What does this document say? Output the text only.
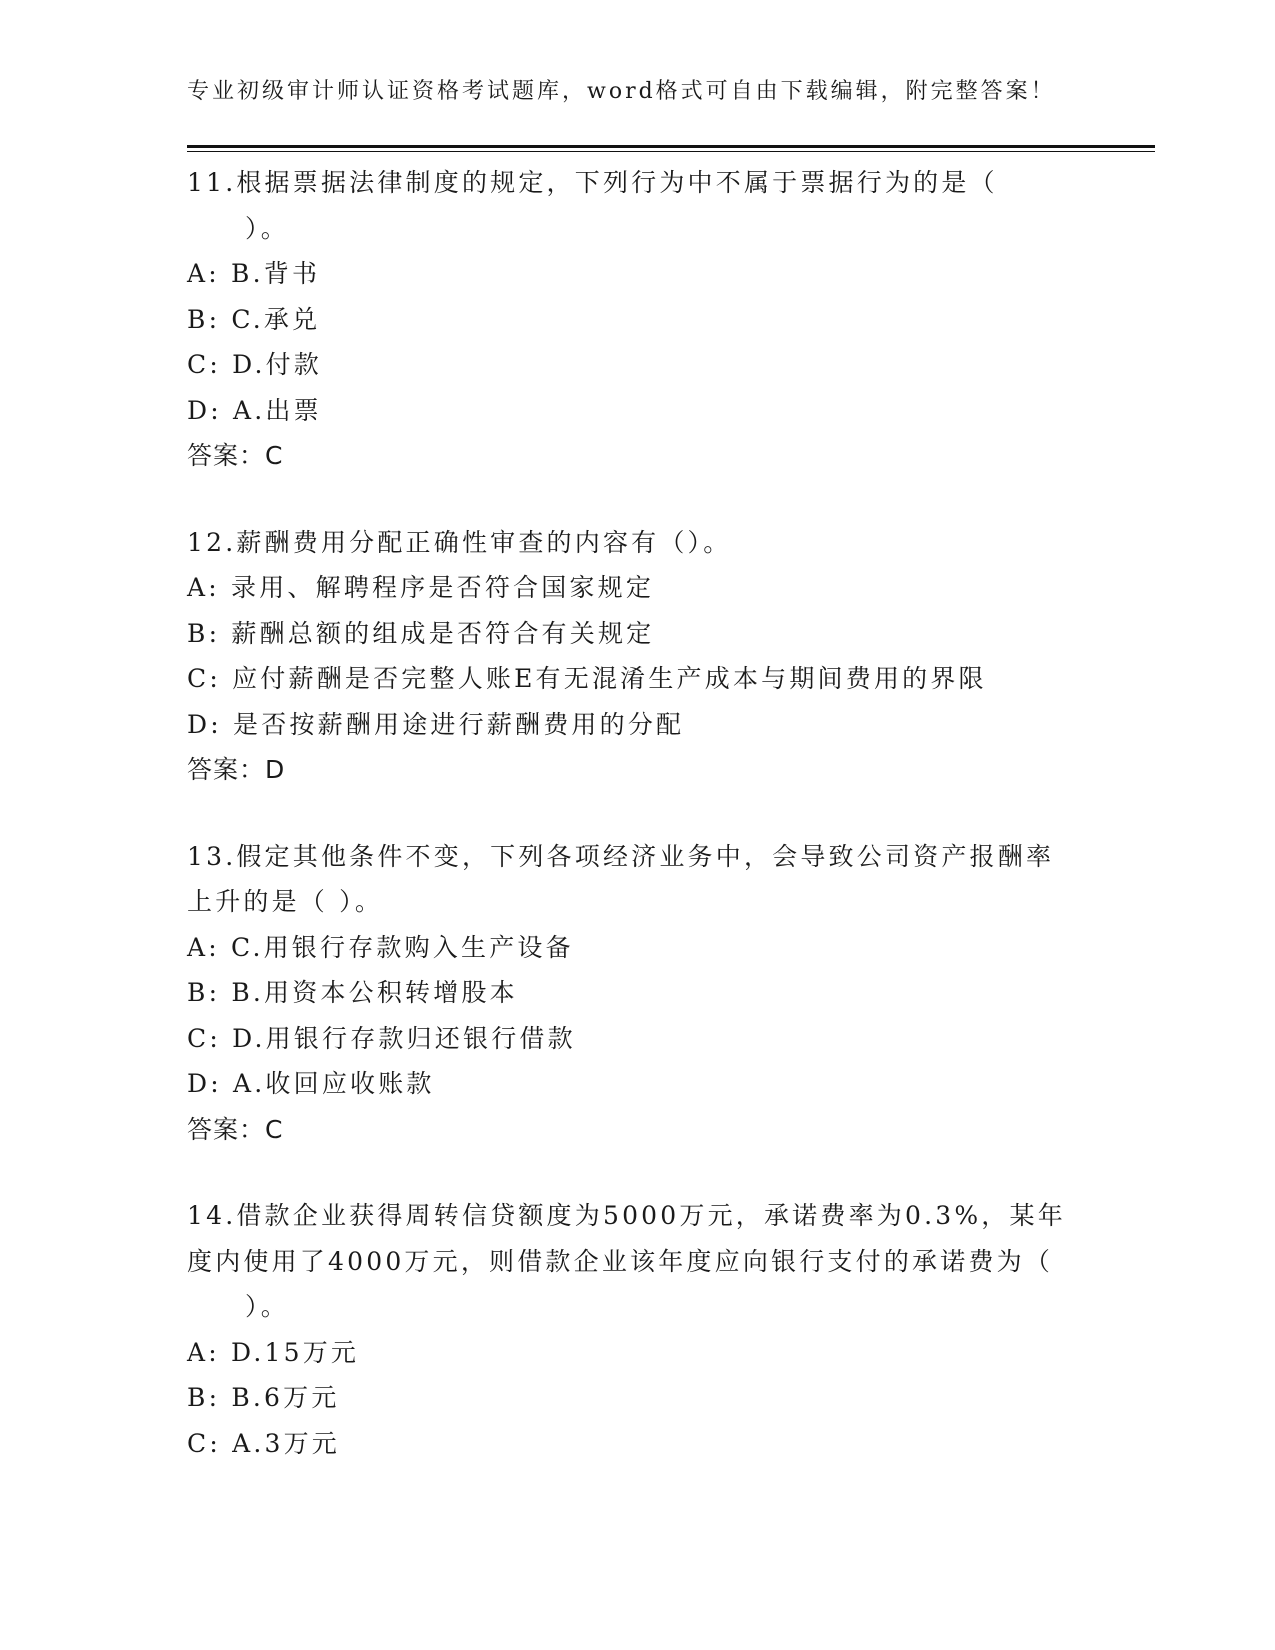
专业初级审计师认证资格考试题库，word格式可自由下载编辑，附完整答案！
11.根据票据法律制度的规定，下列行为中不属于票据行为的是（
）。
A: B.背书
B: C.承兑
C: D.付款
D: A.出票
答案：C
12.薪酬费用分配正确性审查的内容有（）。
A: 录用、解聘程序是否符合国家规定
B: 薪酬总额的组成是否符合有关规定
C: 应付薪酬是否完整人账E有无混淆生产成本与期间费用的界限
D: 是否按薪酬用途进行薪酬费用的分配
答案：D
13.假定其他条件不变，下列各项经济业务中，会导致公司资产报酬率
上升的是（ ）。
A: C.用银行存款购入生产设备
B: B.用资本公积转增股本
C: D.用银行存款归还银行借款
D: A.收回应收账款
答案：C
14.借款企业获得周转信贷额度为5000万元，承诺费率为0.3%，某年
度内使用了4000万元，则借款企业该年度应向银行支付的承诺费为（
）。
A: D.15万元
B: B.6万元
C: A.3万元
